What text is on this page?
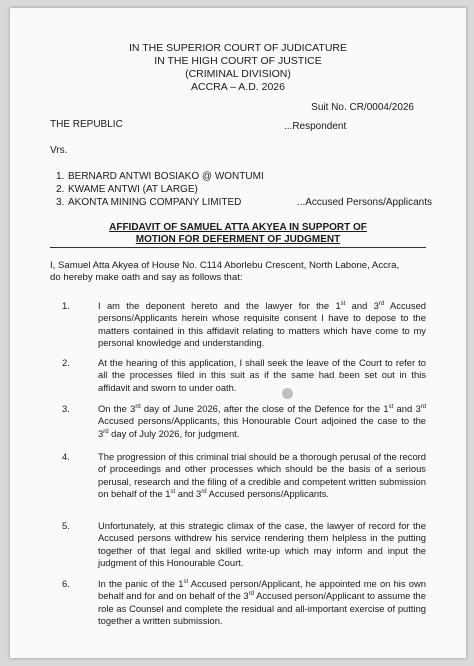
IN THE SUPERIOR COURT OF JUDICATURE
IN THE HIGH COURT OF JUSTICE
(CRIMINAL DIVISION)
ACCRA – A.D. 2026
Suit No. CR/0004/2026
THE REPUBLIC	...Respondent
Vrs.
1. BERNARD ANTWI BOSIAKO @ WONTUMI
2. KWAME ANTWI (AT LARGE)
3. AKONTA MINING COMPANY LIMITED	...Accused Persons/Applicants
AFFIDAVIT OF SAMUEL ATTA AKYEA IN SUPPORT OF
MOTION FOR DEFERMENT OF JUDGMENT
I, Samuel Atta Akyea of House No. C114 Aborlebu Crescent, North Labone, Accra, do hereby make oath and say as follows that:
1.	I am the deponent hereto and the lawyer for the 1st and 3rd Accused persons/Applicants herein whose requisite consent I have to depose to the matters contained in this affidavit relating to matters which have come to my personal knowledge and understanding.
2.	At the hearing of this application, I shall seek the leave of the Court to refer to all the processes filed in this suit as if the same had been set out in this affidavit and sworn to under oath.
3.	On the 3rd day of June 2026, after the close of the Defence for the 1st and 3rd Accused persons/Applicants, this Honourable Court adjoined the case to the 3rd day of July 2026, for judgment.
4.	The progression of this criminal trial should be a thorough perusal of the record of proceedings and other processes which should be the basis of a serious perusal, research and the filing of a credible and competent written submission on behalf of the 1st and 3rd Accused persons/Applicants.
5.	Unfortunately, at this strategic climax of the case, the lawyer of record for the Accused persons withdrew his service rendering them helpless in the putting together of that legal and skilled write-up which may inform and input the judgment of this Honourable Court.
6.	In the panic of the 1st Accused person/Applicant, he appointed me on his own behalf and for and on behalf of the 3rd Accused person/Applicant to assume the role as Counsel and complete the residual and all-important exercise of putting together a written submission.
